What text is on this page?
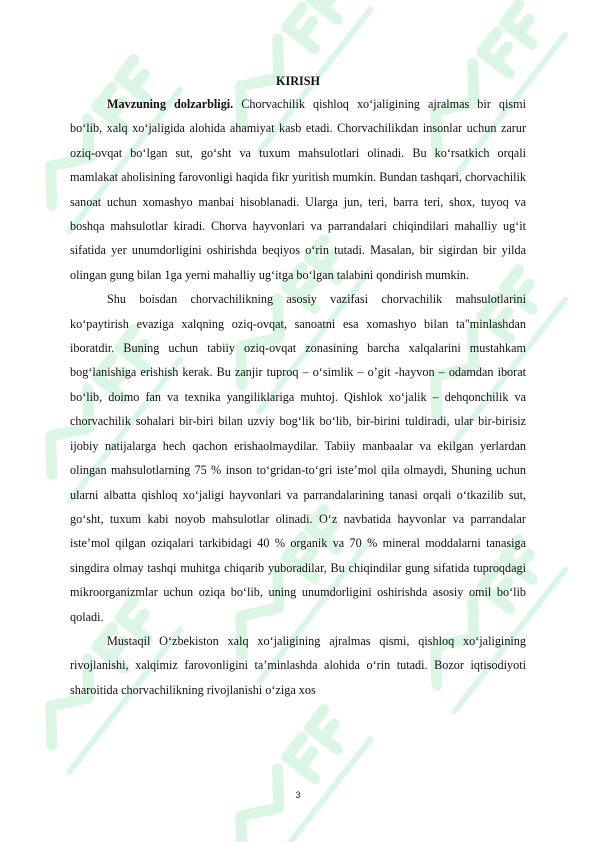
KIRISH

Mavzuning dolzarbligi. Chorvachilik qishloq xo‘jaligining ajralmas bir qismi bo‘lib, xalq xo‘jaligida alohida ahamiyat kasb etadi. Chorvachilikdan insonlar uchun zarur oziq-ovqat bo‘lgan sut, go‘sht va tuxum mahsulotlari olinadi. Bu ko‘rsatkich orqali mamlakat aholisining farovonligi haqida fikr yuritish mumkin. Bundan tashqari, chorvachilik sanoat uchun xomashyo manbai hisoblanadi. Ularga jun, teri, barra teri, shox, tuyoq va boshqa mahsulotlar kiradi. Chorva hayvonlari va parrandalari chiqindilari mahalliy ug‘it sifatida yer unumdorligini oshirishda beqiyos o‘rin tutadi. Masalan, bir sigirdan bir yilda olingan gung bilan 1ga yerni mahalliy ug‘itga bo‘lgan talabini qondirish mumkin.

Shu boisdan chorvachilikning asosiy vazifasi chorvachilik mahsulotlarini ko‘paytirish evaziga xalqning oziq-ovqat, sanoatni esa xomashyo bilan ta"minlashdan iboratdir. Buning uchun tabiiy oziq-ovqat zonasining barcha xalqalarini mustahkam bog‘lanishiga erishish kerak. Bu zanjir tuproq – o‘simlik – o’git -hayvon – odamdan iborat bo‘lib, doimo fan va texnika yangiliklariga muhtoj. Qishlok xo‘jalik – dehqonchilik va chorvachilik sohalari bir-biri bilan uzviy bog‘lik bo‘lib, bir-birini tuldiradi, ular bir-birisiz ijobiy natijalarga hech qachon erishaolmaydilar. Tabiiy manbaalar va ekilgan yerlardan olingan mahsulotlarning 75 % inson to‘gridan-to‘gri iste’mol qila olmaydi, Shuning uchun ularni albatta qishloq xo‘jaligi hayvonlari va parrandalarining tanasi orqali o‘tkazilib sut, go‘sht, tuxum kabi noyob mahsulotlar olinadi. O‘z navbatida hayvonlar va parrandalar iste’mol qilgan oziqalari tarkibidagi 40 % organik va 70 % mineral moddalarni tanasiga singdira olmay tashqi muhitga chiqarib yuboradilar, Bu chiqindilar gung sifatida tuproqdagi mikroorganizmlar uchun oziqa bo‘lib, uning unumdorligini oshirishda asosiy omil bo‘lib qoladi.

Mustaqil O‘zbekiston xalq xo‘jaligining ajralmas qismi, qishloq xo‘jaligining rivojlanishi, xalqimiz farovonligini ta’minlashda alohida o‘rin tutadi. Bozor iqtisodiyoti sharoitida chorvachilikning rivojlanishi o‘ziga xos

3
